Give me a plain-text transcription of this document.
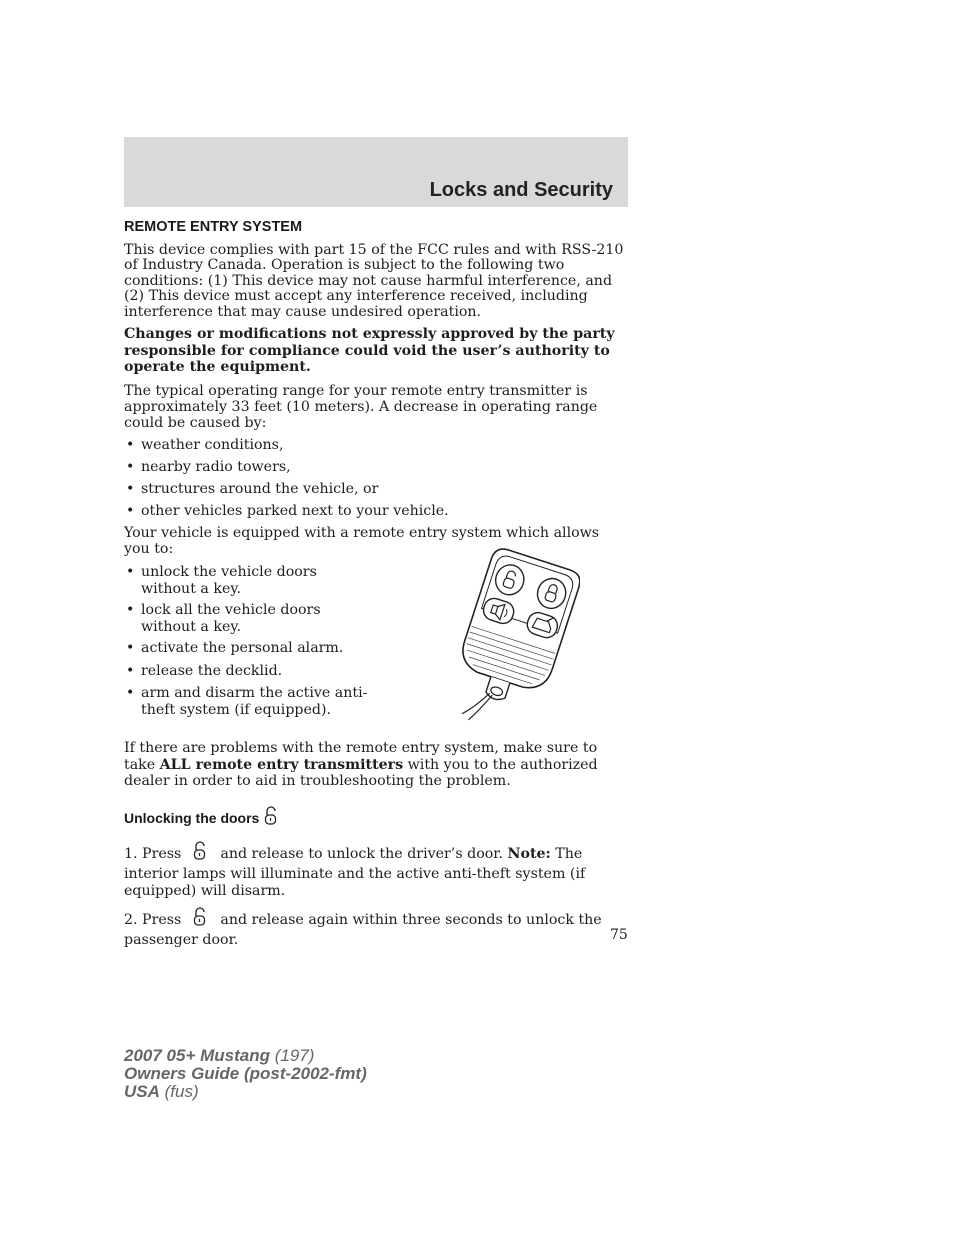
Locks and Security
REMOTE ENTRY SYSTEM

This device complies with part 15 of the FCC rules and with RSS-210 of Industry Canada. Operation is subject to the following two conditions: (1) This device may not cause harmful interference, and (2) This device must accept any interference received, including interference that may cause undesired operation.

Changes or modifications not expressly approved by the party responsible for compliance could void the user’s authority to operate the equipment.

The typical operating range for your remote entry transmitter is approximately 33 feet (10 meters). A decrease in operating range could be caused by:

• weather conditions,
• nearby radio towers,
• structures around the vehicle, or
• other vehicles parked next to your vehicle.

Your vehicle is equipped with a remote entry system which allows you to:

• unlock the vehicle doors without a key.
• lock all the vehicle doors without a key.
• activate the personal alarm.
• release the decklid.
• arm and disarm the active anti-theft system (if equipped).

If there are problems with the remote entry system, make sure to take ALL remote entry transmitters with you to the authorized dealer in order to aid in troubleshooting the problem.

Unlocking the doors

1. Press  and release to unlock the driver’s door. Note: The interior lamps will illuminate and the active anti-theft system (if equipped) will disarm.

2. Press  and release again within three seconds to unlock the passenger door.	75
2007 05+ Mustang (197)
Owners Guide (post-2002-fmt)
USA (fus)
